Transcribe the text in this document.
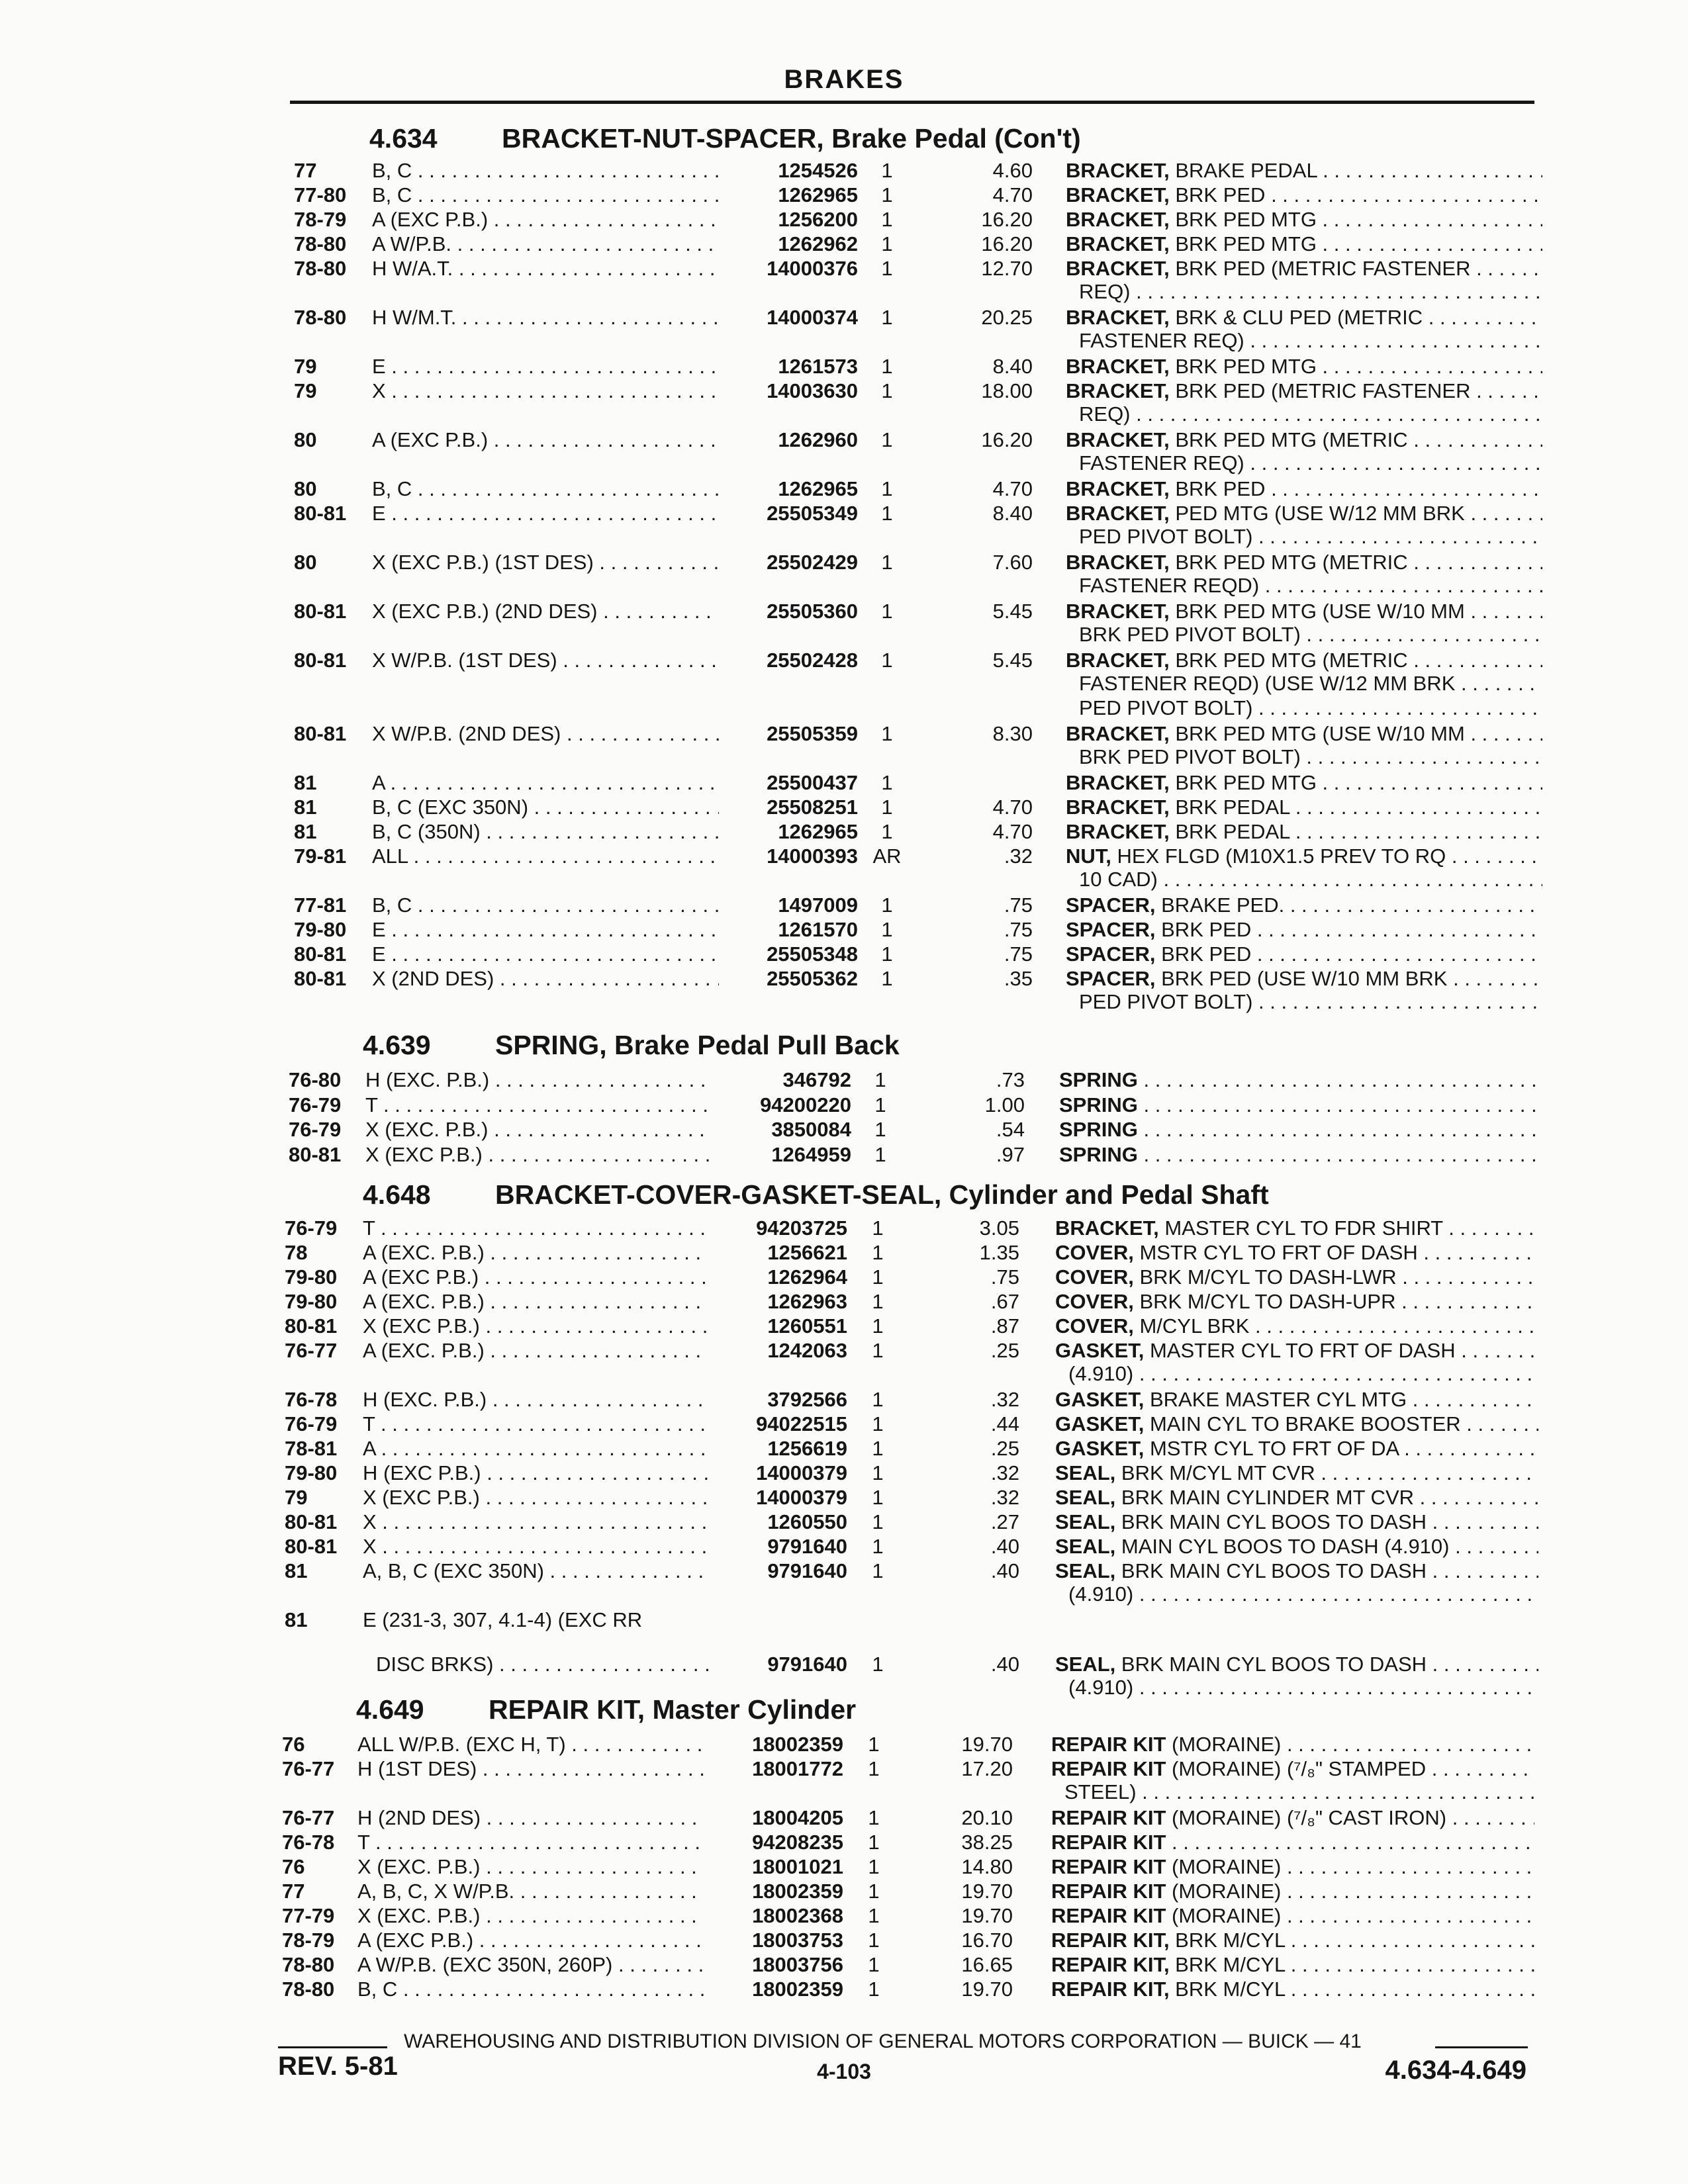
BRAKES
4.634 BRACKET-NUT-SPACER, Brake Pedal (Con't)
77	B, C . . .	1254526	1	4.60 BRACKET, BRAKE PEDAL . . .
77-80 B, C . . .	1262965	1	4.70 BRACKET, BRK PED . . .
78-79 A (EXC P.B.) . . .	1256200	1	16.20 BRACKET, BRK PED MTG . . .
78-80 A W/P.B. . . .	1262962	1	16.20 BRACKET, BRK PED MTG . . .
78-80 H W/A.T. . . .	14000376	1	12.70 BRACKET, BRK PED (METRIC FASTENER . . .
REQ) . . .
78-80 H W/M.T. . . .	14000374	1	20.25 BRACKET, BRK & CLU PED (METRIC . . .
FASTENER REQ) . . .
79	E . . .	1261573	1	8.40 BRACKET, BRK PED MTG . . .
79	X . . .	14003630	1	18.00 BRACKET, BRK PED (METRIC FASTENER . . .
REQ) . . .
80	A (EXC P.B.) . . .	1262960	1	16.20 BRACKET, BRK PED MTG (METRIC . . .
FASTENER REQ) . . .
80	B, C . . .	1262965	1	4.70 BRACKET, BRK PED . . .
80-81 E . . .	25505349	1	8.40 BRACKET, PED MTG (USE W/12 MM BRK . . .
PED PIVOT BOLT) . . .
80	X (EXC P.B.) (1ST DES) . . .	25502429	1	7.60 BRACKET, BRK PED MTG (METRIC . . .
FASTENER REQD) . . .
80-81 X (EXC P.B.) (2ND DES) . . .	25505360	1	5.45 BRACKET, BRK PED MTG (USE W/10 MM . . .
BRK PED PIVOT BOLT) . . .
80-81 X W/P.B. (1ST DES) . . .	25502428	1	5.45 BRACKET, BRK PED MTG (METRIC . . .
FASTENER REQD) (USE W/12 MM BRK . . .
PED PIVOT BOLT) . . .
80-81 X W/P.B. (2ND DES) . . .	25505359	1	8.30 BRACKET, BRK PED MTG (USE W/10 MM . . .
BRK PED PIVOT BOLT) . . .
81	A . . .	25500437	1	BRACKET, BRK PED MTG . . .
81	B, C (EXC 350N) . . .	25508251	1	4.70 BRACKET, BRK PEDAL . . .
81	B, C (350N) . . .	1262965	1	4.70 BRACKET, BRK PEDAL . . .
79-81 ALL . . .	14000393 AR	.32 NUT, HEX FLGD (M10X1.5 PREV TO RQ . . .
10 CAD) . . .
77-81 B, C . . .	1497009	1	.75 SPACER, BRAKE PED. . . .
79-80 E . . .	1261570	1	.75 SPACER, BRK PED . . .
80-81 E . . .	25505348	1	.75 SPACER, BRK PED . . .
80-81 X (2ND DES) . . .	25505362	1	.35 SPACER, BRK PED (USE W/10 MM BRK . . .
PED PIVOT BOLT) . . .
4.639 SPRING, Brake Pedal Pull Back
76-80 H (EXC. P.B.) . . .	346792	1	.73 SPRING . . .
76-79 T . . .	94200220	1	1.00 SPRING . . .
76-79 X (EXC. P.B.) . . .	3850084	1	.54 SPRING . . .
80-81 X (EXC P.B.) . . .	1264959	1	.97 SPRING . . .
4.648 BRACKET-COVER-GASKET-SEAL, Cylinder and Pedal Shaft
76-79 T . . .	94203725	1	3.05 BRACKET, MASTER CYL TO FDR SHIRT . . .
78	A (EXC. P.B.) . . .	1256621	1	1.35 COVER, MSTR CYL TO FRT OF DASH . . .
79-80 A (EXC P.B.) . . .	1262964	1	.75 COVER, BRK M/CYL TO DASH-LWR . . .
79-80 A (EXC. P.B.) . . .	1262963	1	.67 COVER, BRK M/CYL TO DASH-UPR . . .
80-81 X (EXC P.B.) . . .	1260551	1	.87 COVER, M/CYL BRK . . .
76-77 A (EXC. P.B.) . . .	1242063	1	.25 GASKET, MASTER CYL TO FRT OF DASH . . .
(4.910) . . .
76-78 H (EXC. P.B.) . . .	3792566	1	.32 GASKET, BRAKE MASTER CYL MTG . . .
76-79 T . . .	94022515	1	.44 GASKET, MAIN CYL TO BRAKE BOOSTER . . .
78-81 A . . .	1256619	1	.25 GASKET, MSTR CYL TO FRT OF DA . . .
79-80 H (EXC P.B.) . . .	14000379	1	.32 SEAL, BRK M/CYL MT CVR . . .
79	X (EXC P.B.) . . .	14000379	1	.32 SEAL, BRK MAIN CYLINDER MT CVR . . .
80-81 X . . .	1260550	1	.27 SEAL, BRK MAIN CYL BOOS TO DASH . . .
80-81 X . . .	9791640	1	.40 SEAL, MAIN CYL BOOS TO DASH (4.910) . . .
81	A, B, C (EXC 350N) . . .	9791640	1	.40 SEAL, BRK MAIN CYL BOOS TO DASH . . .
(4.910) . . .
81	E (231-3, 307, 4.1-4) (EXC RR
DISC BRKS) . . .	9791640	1	.40 SEAL, BRK MAIN CYL BOOS TO DASH . . .
(4.910) . . .
4.649 REPAIR KIT, Master Cylinder
76	ALL W/P.B. (EXC H, T) . . .	18002359	1	19.70 REPAIR KIT (MORAINE) . . .
76-77 H (1ST DES) . . .	18001772	1	17.20 REPAIR KIT (MORAINE) (⁷/₈" STAMPED . . .
STEEL) . . .
76-77 H (2ND DES) . . .	18004205	1	20.10 REPAIR KIT (MORAINE) (⁷/₈" CAST IRON) . . .
76-78 T . . .	94208235	1	38.25 REPAIR KIT . . .
76	X (EXC. P.B.) . . .	18001021	1	14.80 REPAIR KIT (MORAINE) . . .
77	A, B, C, X W/P.B. . . .	18002359	1	19.70 REPAIR KIT (MORAINE) . . .
77-79 X (EXC. P.B.) . . .	18002368	1	19.70 REPAIR KIT (MORAINE) . . .
78-79 A (EXC P.B.) . . .	18003753	1	16.70 REPAIR KIT, BRK M/CYL . . .
78-80 A W/P.B. (EXC 350N, 260P) . . .	18003756	1	16.65 REPAIR KIT, BRK M/CYL . . .
78-80 B, C . . .	18002359	1	19.70 REPAIR KIT, BRK M/CYL . . .
WAREHOUSING AND DISTRIBUTION DIVISION OF GENERAL MOTORS CORPORATION — BUICK — 41
REV. 5-81	4-103	4.634-4.649
